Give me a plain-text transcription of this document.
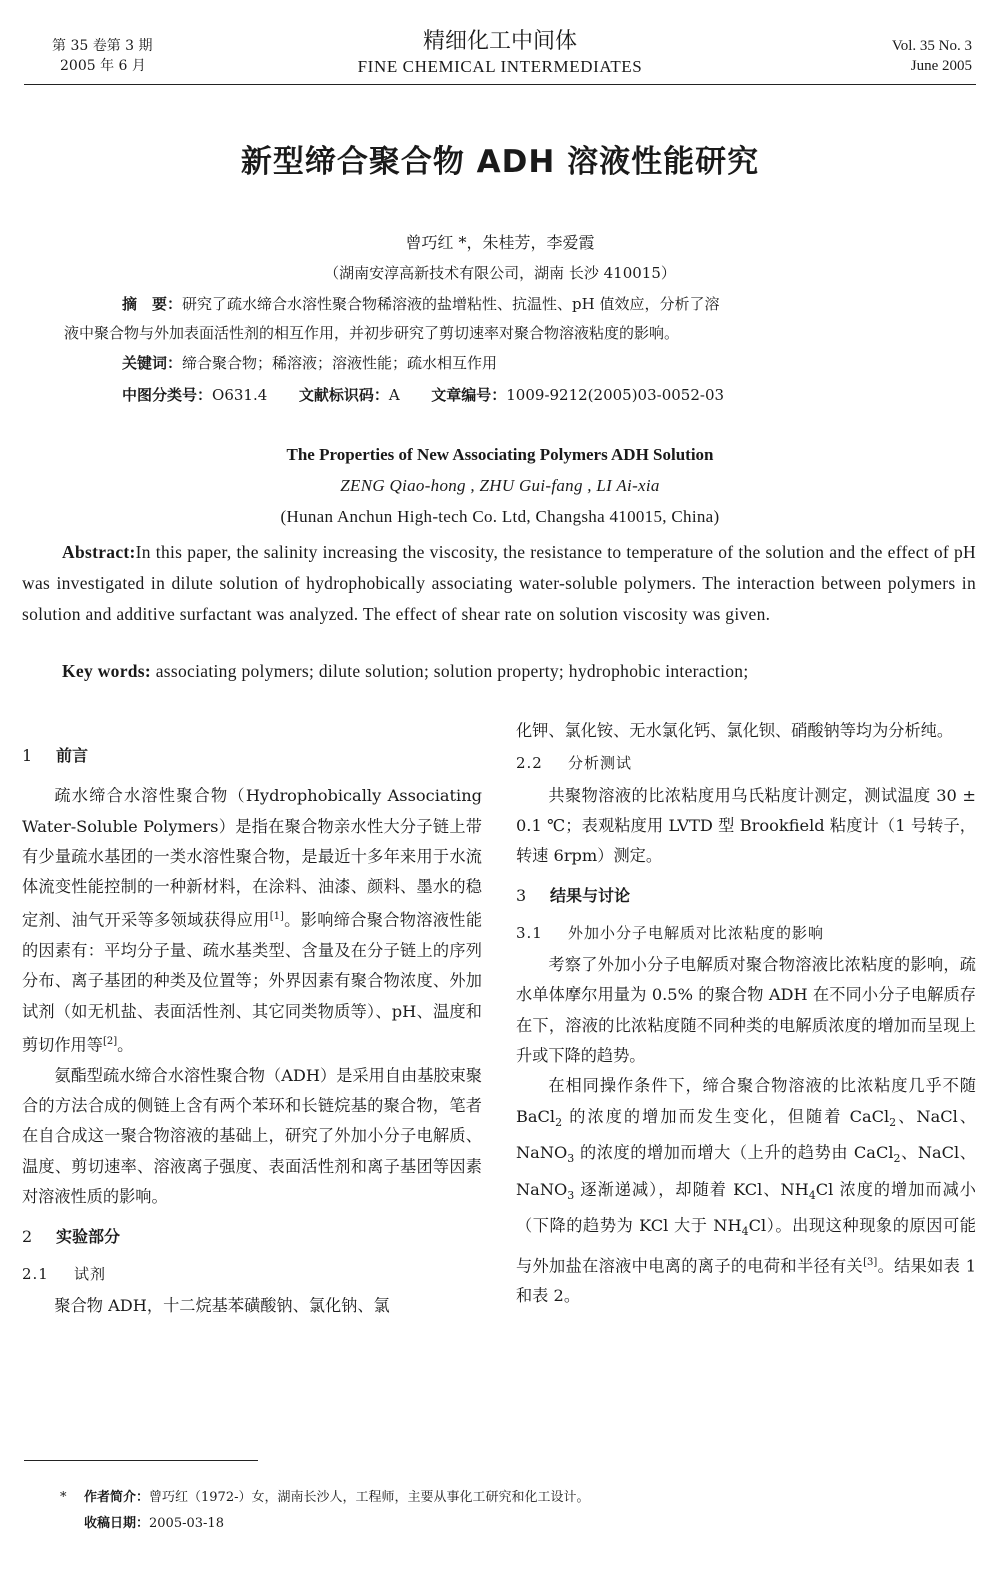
第 35 卷第 3 期
2005 年 6 月
精细化工中间体
FINE CHEMICAL INTERMEDIATES
Vol. 35 No. 3
June 2005
新型缔合聚合物 ADH 溶液性能研究
曾巧红 *，朱桂芳，李爱霞
（湖南安淳高新技术有限公司，湖南 长沙 410015）
摘　要：研究了疏水缔合水溶性聚合物稀溶液的盐增粘性、抗温性、pH 值效应，分析了溶
液中聚合物与外加表面活性剂的相互作用，并初步研究了剪切速率对聚合物溶液粘度的影响。
关键词：缔合聚合物；稀溶液；溶液性能；疏水相互作用
中图分类号：O631.4 文献标识码：A 文章编号：1009-9212(2005)03-0052-03
The Properties of New Associating Polymers ADH Solution
ZENG Qiao-hong , ZHU Gui-fang , LI Ai-xia
(Hunan Anchun High-tech Co. Ltd, Changsha 410015, China)
Abstract:In this paper, the salinity increasing the viscosity, the resistance to temperature of the solution and the effect of pH was investigated in dilute solution of hydrophobically associating water-soluble polymers. The interaction between polymers in solution and additive surfactant was analyzed. The effect of shear rate on solution viscosity was given.
Key words: associating polymers; dilute solution; solution property; hydrophobic interaction;
1 前言

疏水缔合水溶性聚合物（Hydrophobically Associating Water-Soluble Polymers）是指在聚合物亲水性大分子链上带有少量疏水基团的一类水溶性聚合物，是最近十多年来用于水流体流变性能控制的一种新材料，在涂料、油漆、颜料、墨水的稳定剂、油气开采等多领域获得应用[1]。影响缔合聚合物溶液性能的因素有：平均分子量、疏水基类型、含量及在分子链上的序列分布、离子基团的种类及位置等；外界因素有聚合物浓度、外加试剂（如无机盐、表面活性剂、其它同类物质等）、pH、温度和剪切作用等[2]。

氨酯型疏水缔合水溶性聚合物（ADH）是采用自由基胶束聚合的方法合成的侧链上含有两个苯环和长链烷基的聚合物，笔者在自合成这一聚合物溶液的基础上，研究了外加小分子电解质、温度、剪切速率、溶液离子强度、表面活性剂和离子基团等因素对溶液性质的影响。

2 实验部分
2.1 试剂

聚合物 ADH，十二烷基苯磺酸钠、氯化钠、氯

化钾、氯化铵、无水氯化钙、氯化钡、硝酸钠等均为分析纯。

2.2 分析测试

共聚物溶液的比浓粘度用乌氏粘度计测定，测试温度 30 ± 0.1 ℃；表观粘度用 LVTD 型 Brookfield 粘度计（1 号转子，转速 6rpm）测定。

3 结果与讨论
3.1 外加小分子电解质对比浓粘度的影响

考察了外加小分子电解质对聚合物溶液比浓粘度的影响，疏水单体摩尔用量为 0.5% 的聚合物 ADH 在不同小分子电解质存在下，溶液的比浓粘度随不同种类的电解质浓度的增加而呈现上升或下降的趋势。

在相同操作条件下，缔合聚合物溶液的比浓粘度几乎不随 BaCl$_2$ 的浓度的增加而发生变化，但随着 CaCl$_2$、NaCl、NaNO$_3$ 的浓度的增加而增大（上升的趋势由 CaCl$_2$、NaCl、NaNO$_3$ 逐渐递减），却随着 KCl、$NH_4Cl$ 浓度的增加而减小（下降的趋势为 KCl 大于 $NH_4Cl$）。出现这种现象的原因可能与外加盐在溶液中电离的离子的电荷和半径有关[3]。结果如表 1 和表 2。

* 作者简介：曾巧红（1972-）女，湖南长沙人，工程师，主要从事化工研究和化工设计。
收稿日期：2005-03-18
